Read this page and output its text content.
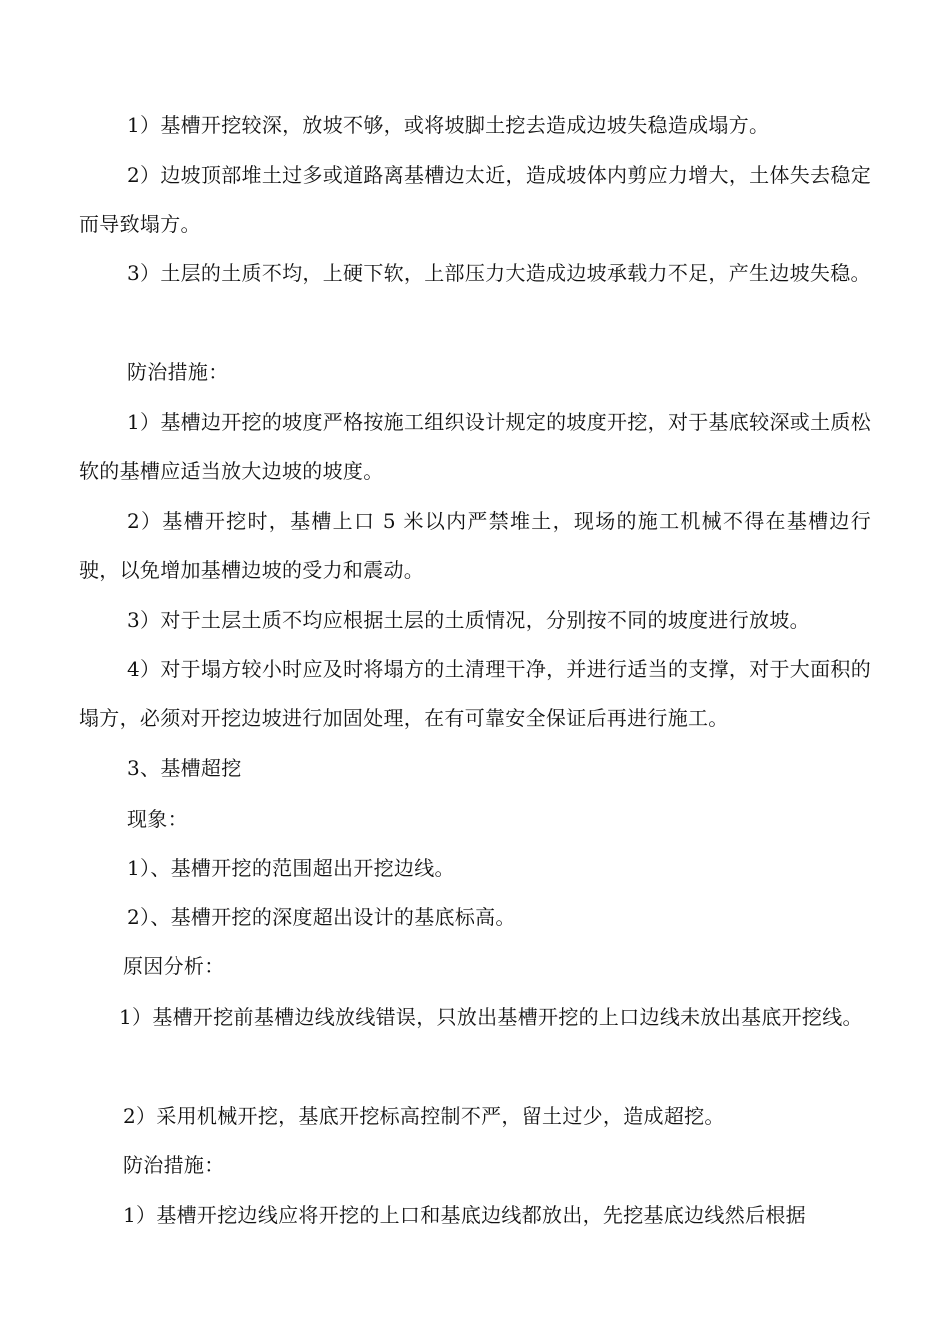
1）基槽开挖较深，放坡不够，或将坡脚土挖去造成边坡失稳造成塌方。

2）边坡顶部堆土过多或道路离基槽边太近，造成坡体内剪应力增大，土体失去稳定而导致塌方。

3）土层的土质不均，上硬下软，上部压力大造成边坡承载力不足，产生边坡失稳。

防治措施：

1）基槽边开挖的坡度严格按施工组织设计规定的坡度开挖，对于基底较深或土质松软的基槽应适当放大边坡的坡度。

2）基槽开挖时，基槽上口 5 米以内严禁堆土，现场的施工机械不得在基槽边行驶，以免增加基槽边坡的受力和震动。

3）对于土层土质不均应根据土层的土质情况，分别按不同的坡度进行放坡。

4）对于塌方较小时应及时将塌方的土清理干净，并进行适当的支撑，对于大面积的塌方，必须对开挖边坡进行加固处理，在有可靠安全保证后再进行施工。

3、基槽超挖

现象：

1）、基槽开挖的范围超出开挖边线。

2）、基槽开挖的深度超出设计的基底标高。

原因分析：

1）基槽开挖前基槽边线放线错误，只放出基槽开挖的上口边线未放出基底开挖线。

2）采用机械开挖，基底开挖标高控制不严，留土过少，造成超挖。

防治措施：

1）基槽开挖边线应将开挖的上口和基底边线都放出，先挖基底边线然后根据
